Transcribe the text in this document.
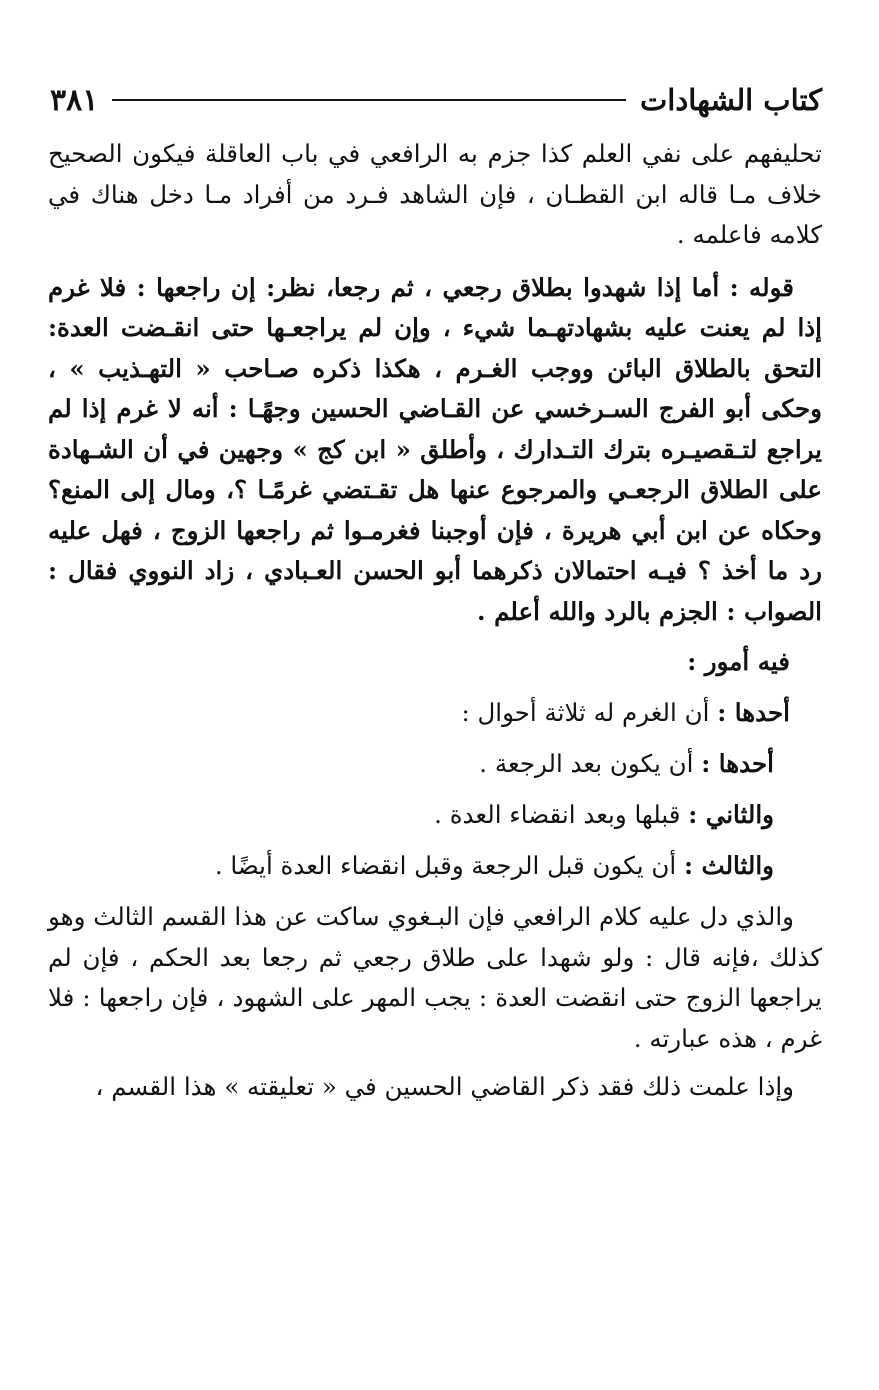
كتاب الشهادات
٣٨١

تحليفهم على نفي العلم كذا جزم به الرافعي في باب العاقلة فيكون الصحيح خلاف مـا قاله ابن القطـان ، فإن الشاهد فـرد من أفراد مـا دخل هناك في كلامه فاعلمه .

قوله : أما إذا شهدوا بطلاق رجعي ، ثم رجعا، نظر: إن راجعها : فلا غرم إذا لم يعنت عليه بشهادتهـما شيء ، وإن لم يراجعـها حتى انقـضت العدة: التحق بالطلاق البائن ووجب الغـرم ، هكذا ذكره صـاحب « التهـذيب » ، وحكى أبو الفرج السـرخسي عن القـاضي الحسين وجهًـا : أنه لا غرم إذا لم يراجع لتـقصيـره بترك التـدارك ، وأطلق « ابن كج » وجهين في أن الشـهادة على الطلاق الرجعـي والمرجوع عنها هل تقـتضي غرمًـا ؟، ومال إلى المنع؟ وحكاه عن ابن أبي هريرة ، فإن أوجبنا فغرمـوا ثم راجعها الزوج ، فهل عليه رد ما أخذ ؟ فيـه احتمالان ذكرهما أبو الحسن العـبادي ، زاد النووي فقال : الصواب : الجزم بالرد والله أعلم .

فيه أمور :

أحدها : أن الغرم له ثلاثة أحوال :

أحدها : أن يكون بعد الرجعة .

والثاني : قبلها وبعد انقضاء العدة .

والثالث : أن يكون قبل الرجعة وقبل انقضاء العدة أيضًا .

والذي دل عليه كلام الرافعي فإن البـغوي ساكت عن هذا القسم الثالث وهو كذلك ،فإنه قال : ولو شهدا على طلاق رجعي ثم رجعا بعد الحكم ، فإن لم يراجعها الزوج حتى انقضت العدة : يجب المهر على الشهود ، فإن راجعها : فلا غرم ، هذه عبارته .

وإذا علمت ذلك فقد ذكر القاضي الحسين في « تعليقته » هذا القسم ،
